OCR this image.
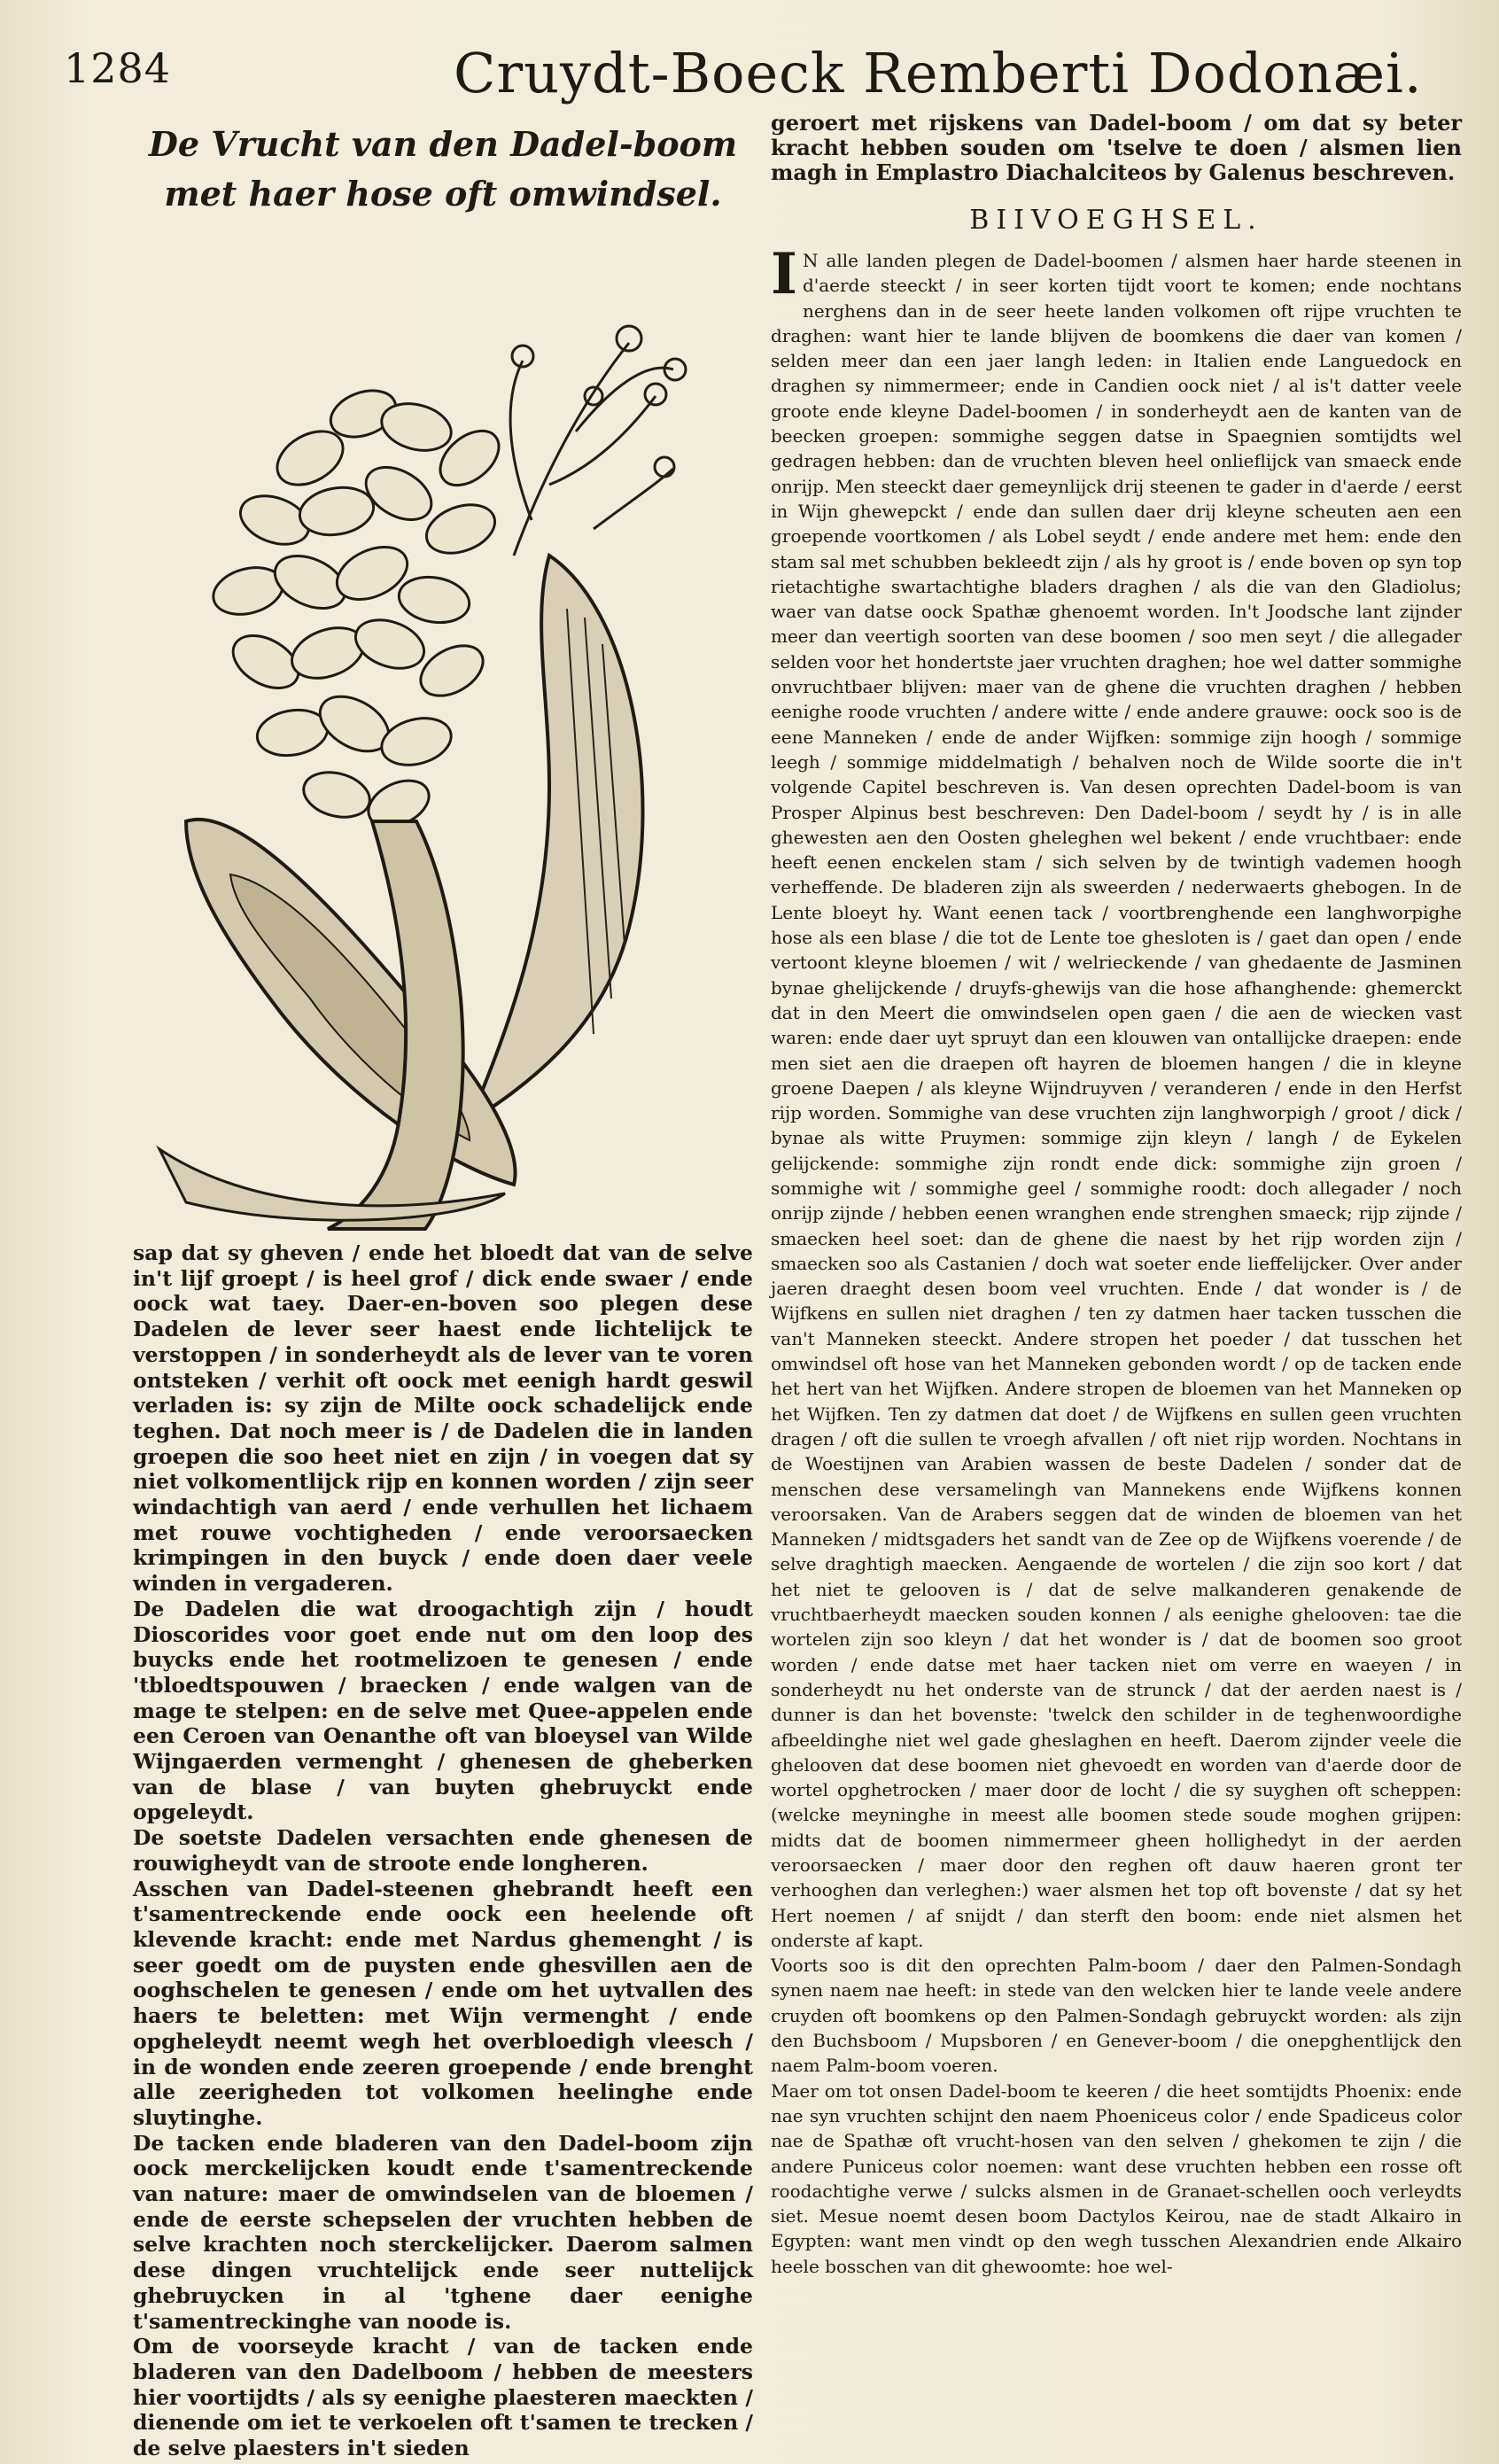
1284	Cruydt-Boeck Remberti Dodonæi.
De Vrucht van den Dadel-boom
met haer hose oft omwindsel.

sap dat sy gheven / ende het bloedt dat van de selve in't lijf groept / is heel grof / dick ende swaer / ende oock wat taey. Daer-en-boven soo plegen dese Dadelen de lever seer haest ende lichtelijck te verstoppen / in sonderheydt als de lever van te voren ontsteken / verhit oft oock met eenigh hardt geswil verladen is: sy zijn de Milte oock schadelijck ende teghen. Dat noch meer is / de Dadelen die in landen groepen die soo heet niet en zijn / in voegen dat sy niet volkomentlijck rijp en konnen worden / zijn seer windachtigh van aerd / ende verhullen het lichaem met rouwe vochtigheden / ende veroorsaecken krimpingen in den buyck / ende doen daer veele winden in vergaderen.

De Dadelen die wat droogachtigh zijn / houdt Dioscorides voor goet ende nut om den loop des buycks ende het rootmelizoen te genesen / ende 'tbloedtspouwen / braecken / ende walgen van de mage te stelpen: en de selve met Quee-appelen ende een Ceroen van Oenanthe oft van bloeysel van Wilde Wijngaerden vermenght / ghenesen de gheberken van de blase / van buyten ghebruyckt ende opgeleydt.

De soetste Dadelen versachten ende ghenesen de rouwigheydt van de stroote ende longheren.

Asschen van Dadel-steenen ghebrandt heeft een t'samentreckende ende oock een heelende oft klevende kracht: ende met Nardus ghemenght / is seer goedt om de puysten ende ghesvillen aen de ooghschelen te genesen / ende om het uytvallen des haers te beletten: met Wijn vermenght / ende opgheleydt neemt wegh het overbloedigh vleesch / in de wonden ende zeeren groepende / ende brenght alle zeerigheden tot volkomen heelinghe ende sluytinghe.

De tacken ende bladeren van den Dadel-boom zijn oock merckelijcken koudt ende t'samentreckende van nature: maer de omwindselen van de bloemen / ende de eerste schepselen der vruchten hebben de selve krachten noch sterckelijcker. Daerom salmen dese dingen vruchtelijck ende seer nuttelijck ghebruycken in al 'tghene daer eenighe t'samentreckinghe van noode is.

Om de voorseyde kracht / van de tacken ende bladeren van den Dadelboom / hebben de meesters hier voortijdts / als sy eenighe plaesteren maeckten / dienende om iet te verkoelen oft t'samen te trecken / de selve plaesters in't sieden

geroert met rijskens van Dadel-boom / om dat sy beter kracht hebben souden om 'tselve te doen / alsmen lien magh in Emplastro Diachalciteos by Galenus beschreven.

BIIVOEGHSEL.

I N alle landen plegen de Dadel-boomen / alsmen haer harde steenen in d'aerde steeckt / in seer korten tijdt voort te komen; ende nochtans nerghens dan in de seer heete landen volkomen oft rijpe vruchten te draghen: want hier te lande blijven de boomkens die daer van komen / selden meer dan een jaer langh leden: in Italien ende Languedock en draghen sy nimmermeer; ende in Candien oock niet / al is't datter veele groote ende kleyne Dadel-boomen / in sonderheydt aen de kanten van de beecken groepen: sommighe seggen datse in Spaegnien somtijdts wel gedragen hebben: dan de vruchten bleven heel onlieflijck van smaeck ende onrijp. Men steeckt daer gemeynlijck drij steenen te gader in d'aerde / eerst in Wijn ghewepckt / ende dan sullen daer drij kleyne scheuten aen een groepende voortkomen / als Lobel seydt / ende andere met hem: ende den stam sal met schubben bekleedt zijn / als hy groot is / ende boven op syn top rietachtighe swartachtighe bladers draghen / als die van den Gladiolus; waer van datse oock Spathæ ghenoemt worden. In't Joodsche lant zijnder meer dan veertigh soorten van dese boomen / soo men seyt / die allegader selden voor het hondertste jaer vruchten draghen; hoe wel datter sommighe onvruchtbaer blijven: maer van de ghene die vruchten draghen / hebben eenighe roode vruchten / andere witte / ende andere grauwe: oock soo is de eene Manneken / ende de ander Wijfken: sommige zijn hoogh / sommige leegh / sommige middelmatigh / behalven noch de Wilde soorte die in't volgende Capitel beschreven is. Van desen oprechten Dadel-boom is van Prosper Alpinus best beschreven: Den Dadel-boom / seydt hy / is in alle ghewesten aen den Oosten gheleghen wel bekent / ende vruchtbaer: ende heeft eenen enckelen stam / sich selven by de twintigh vademen hoogh verheffende. De bladeren zijn als sweerden / nederwaerts ghebogen. In de Lente bloeyt hy. Want eenen tack / voortbrenghende een langhworpighe hose als een blase / die tot de Lente toe ghesloten is / gaet dan open / ende vertoont kleyne bloemen / wit / welrieckende / van ghedaente de Jasminen bynae ghelijckende / druyfs-ghewijs van die hose afhanghende: ghemerckt dat in den Meert die omwindselen open gaen / die aen de wiecken vast waren: ende daer uyt spruyt dan een klouwen van ontallijcke draepen: ende men siet aen die draepen oft hayren de bloemen hangen / die in kleyne groene Daepen / als kleyne Wijndruyven / veranderen / ende in den Herfst rijp worden. Sommighe van dese vruchten zijn langhworpigh / groot / dick / bynae als witte Pruymen: sommige zijn kleyn / langh / de Eykelen gelijckende: sommighe zijn rondt ende dick: sommighe zijn groen / sommighe wit / sommighe geel / sommighe roodt: doch allegader / noch onrijp zijnde / hebben eenen wranghen ende strenghen smaeck; rijp zijnde / smaecken heel soet: dan de ghene die naest by het rijp worden zijn / smaecken soo als Castanien / doch wat soeter ende lieffelijcker. Over ander jaeren draeght desen boom veel vruchten. Ende / dat wonder is / de Wijfkens en sullen niet draghen / ten zy datmen haer tacken tusschen die van't Manneken steeckt. Andere stropen het poeder / dat tusschen het omwindsel oft hose van het Manneken gebonden wordt / op de tacken ende het hert van het Wijfken. Andere stropen de bloemen van het Manneken op het Wijfken. Ten zy datmen dat doet / de Wijfkens en sullen geen vruchten dragen / oft die sullen te vroegh afvallen / oft niet rijp worden. Nochtans in de Woestijnen van Arabien wassen de beste Dadelen / sonder dat de menschen dese versamelingh van Mannekens ende Wijfkens konnen veroorsaken. Van de Arabers seggen dat de winden de bloemen van het Manneken / midtsgaders het sandt van de Zee op de Wijfkens voerende / de selve draghtigh maecken. Aengaende de wortelen / die zijn soo kort / dat het niet te gelooven is / dat de selve malkanderen genakende de vruchtbaerheydt maecken souden konnen / als eenighe ghelooven: tae die wortelen zijn soo kleyn / dat het wonder is / dat de boomen soo groot worden / ende datse met haer tacken niet om verre en waeyen / in sonderheydt nu het onderste van de strunck / dat der aerden naest is / dunner is dan het bovenste: 'twelck den schilder in de teghenwoordighe afbeeldinghe niet wel gade gheslaghen en heeft. Daerom zijnder veele die ghelooven dat dese boomen niet ghevoedt en worden van d'aerde door de wortel opghetrocken / maer door de locht / die sy suyghen oft scheppen: (welcke meyninghe in meest alle boomen stede soude moghen grijpen: midts dat de boomen nimmermeer gheen hollighedyt in der aerden veroorsaecken / maer door den reghen oft dauw haeren gront ter verhooghen dan verleghen:) waer alsmen het top oft bovenste / dat sy het Hert noemen / af snijdt / dan sterft den boom: ende niet alsmen het onderste af kapt.

Voorts soo is dit den oprechten Palm-boom / daer den Palmen-Sondagh synen naem nae heeft: in stede van den welcken hier te lande veele andere cruyden oft boomkens op den Palmen-Sondagh gebruyckt worden: als zijn den Buchsboom / Mupsboren / en Genever-boom / die onepghentlijck den naem Palm-boom voeren.

Maer om tot onsen Dadel-boom te keeren / die heet somtijdts Phoenix: ende nae syn vruchten schijnt den naem Phoeniceus color / ende Spadiceus color nae de Spathæ oft vrucht-hosen van den selven / ghekomen te zijn / die andere Puniceus color noemen: want dese vruchten hebben een rosse oft roodachtighe verwe / sulcks alsmen in de Granaet-schellen ooch verleydts siet. Mesue noemt desen boom Dactylos Keirou, nae de stadt Alkairo in Egypten: want men vindt op den wegh tusschen Alexandrien ende Alkairo heele bosschen van dit ghewoomte: hoe wel-
